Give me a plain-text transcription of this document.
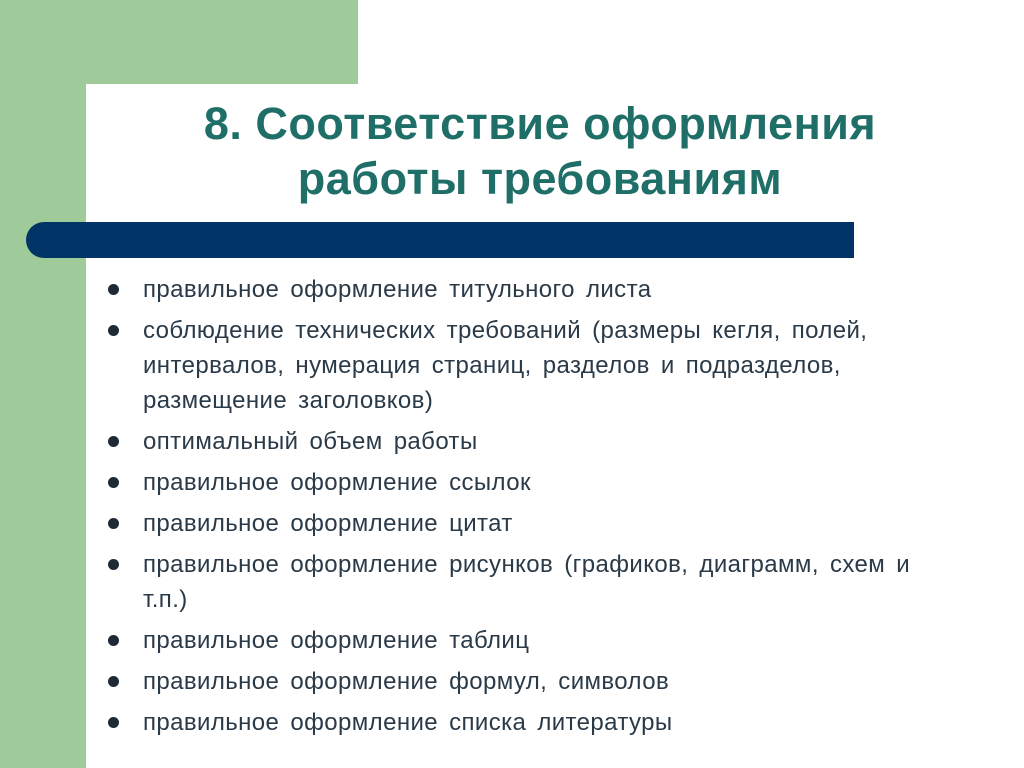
8. Соответствие оформления
работы требованиям
правильное оформление титульного листа
соблюдение технических требований (размеры кегля, полей, интервалов, нумерация страниц, разделов и подразделов, размещение заголовков)
оптимальный объем работы
правильное оформление ссылок
правильное оформление цитат
правильное оформление рисунков (графиков, диаграмм, схем и т.п.)
правильное оформление таблиц
правильное оформление формул, символов
правильное оформление списка литературы
